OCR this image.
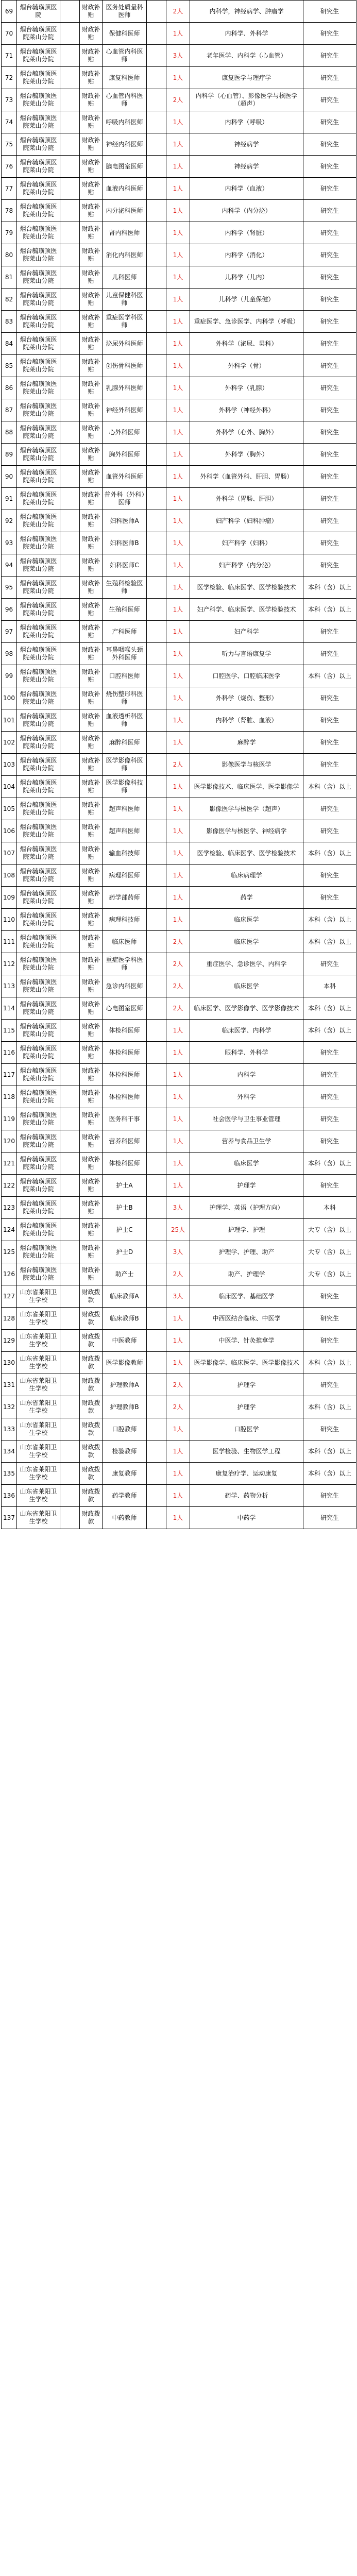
69	烟台毓璜顶医院		财政补贴	医务处质量科医师		2人	内科学，神经病学、肿瘤学	研究生
70	烟台毓璜顶医院莱山分院		财政补贴	保健科医师		1人	内科学、外科学	研究生
71	烟台毓璜顶医院莱山分院		财政补贴	心血管内科医师		3人	老年医学、内科学（心血管）	研究生
72	烟台毓璜顶医院莱山分院		财政补贴	康复科医师		1人	康复医学与理疗学	研究生
73	烟台毓璜顶医院莱山分院		财政补贴	心血管内科医师		2人	内科学（心血管）、影像医学与核医学（超声）	研究生
74	烟台毓璜顶医院莱山分院		财政补贴	呼吸内科医师		1人	内科学（呼吸）	研究生
75	烟台毓璜顶医院莱山分院		财政补贴	神经内科医师		1人	神经病学	研究生
76	烟台毓璜顶医院莱山分院		财政补贴	脑电图室医师		1人	神经病学	研究生
77	烟台毓璜顶医院莱山分院		财政补贴	血液内科医师		1人	内科学（血液）	研究生
78	烟台毓璜顶医院莱山分院		财政补贴	内分泌科医师		1人	内科学（内分泌）	研究生
79	烟台毓璜顶医院莱山分院		财政补贴	肾内科医师		1人	内科学（肾脏）	研究生
80	烟台毓璜顶医院莱山分院		财政补贴	消化内科医师		1人	内科学（消化）	研究生
81	烟台毓璜顶医院莱山分院		财政补贴	儿科医师		1人	儿科学（儿内）	研究生
82	烟台毓璜顶医院莱山分院		财政补贴	儿童保健科医师		1人	儿科学（儿童保健）	研究生
83	烟台毓璜顶医院莱山分院		财政补贴	重症医学科医师		1人	重症医学、急诊医学、内科学（呼吸）	研究生
84	烟台毓璜顶医院莱山分院		财政补贴	泌尿外科医师		1人	外科学（泌尿、男科）	研究生
85	烟台毓璜顶医院莱山分院		财政补贴	创伤骨科医师		1人	外科学（骨）	研究生
86	烟台毓璜顶医院莱山分院		财政补贴	乳腺外科医师		1人	外科学（乳腺）	研究生
87	烟台毓璜顶医院莱山分院		财政补贴	神经外科医师		1人	外科学（神经外科）	研究生
88	烟台毓璜顶医院莱山分院		财政补贴	心外科医师		1人	外科学（心外、胸外）	研究生
89	烟台毓璜顶医院莱山分院		财政补贴	胸外科医师		1人	外科学（胸外）	研究生
90	烟台毓璜顶医院莱山分院		财政补贴	血管外科医师		1人	外科学（血管外科、肝胆、胃肠）	研究生
91	烟台毓璜顶医院莱山分院		财政补贴	普外科（外科）医师		1人	外科学（胃肠、肝胆）	研究生
92	烟台毓璜顶医院莱山分院		财政补贴	妇科医师A		1人	妇产科学（妇科肿瘤）	研究生
93	烟台毓璜顶医院莱山分院		财政补贴	妇科医师B		1人	妇产科学（妇科）	研究生
94	烟台毓璜顶医院莱山分院		财政补贴	妇科医师C		1人	妇产科学（内分泌）	研究生
95	烟台毓璜顶医院莱山分院		财政补贴	生殖科检验医师		1人	医学检验、临床医学、医学检验技术	本科（含）以上
96	烟台毓璜顶医院莱山分院		财政补贴	生殖科医师		1人	妇产科学、临床医学、医学检验技术	本科（含）以上
97	烟台毓璜顶医院莱山分院		财政补贴	产科医师		1人	妇产科学	研究生
98	烟台毓璜顶医院莱山分院		财政补贴	耳鼻咽喉头颈外科医师		1人	听力与言语康复学	研究生
99	烟台毓璜顶医院莱山分院		财政补贴	口腔科医师		1人	口腔医学、口腔临床医学	本科（含）以上
100	烟台毓璜顶医院莱山分院		财政补贴	烧伤整形科医师		1人	外科学（烧伤、整形）	研究生
101	烟台毓璜顶医院莱山分院		财政补贴	血液透析科医师		1人	内科学（肾脏、血液）	研究生
102	烟台毓璜顶医院莱山分院		财政补贴	麻醉科医师		1人	麻醉学	研究生
103	烟台毓璜顶医院莱山分院		财政补贴	医学影像科医师		2人	影像医学与核医学	研究生
104	烟台毓璜顶医院莱山分院		财政补贴	医学影像科技师		1人	医学影像技术、临床医学、医学影像学	本科（含）以上
105	烟台毓璜顶医院莱山分院		财政补贴	超声科医师		1人	影像医学与核医学（超声）	研究生
106	烟台毓璜顶医院莱山分院		财政补贴	超声科医师		1人	影像医学与核医学、神经病学	研究生
107	烟台毓璜顶医院莱山分院		财政补贴	输血科技师		1人	医学检验、临床医学、医学检验技术	本科（含）以上
108	烟台毓璜顶医院莱山分院		财政补贴	病理科医师		1人	临床病理学	研究生
109	烟台毓璜顶医院莱山分院		财政补贴	药学部药师		1人	药学	研究生
110	烟台毓璜顶医院莱山分院		财政补贴	病理科技师		1人	临床医学	本科（含）以上
111	烟台毓璜顶医院莱山分院		财政补贴	临床医师		2人	临床医学	本科（含）以上
112	烟台毓璜顶医院莱山分院		财政补贴	重症医学科医师		2人	重症医学、急诊医学、内科学	研究生
113	烟台毓璜顶医院莱山分院		财政补贴	急诊内科医师		2人	临床医学	本科
114	烟台毓璜顶医院莱山分院		财政补贴	心电图室医师		2人	临床医学、医学影像学、医学影像技术	本科（含）以上
115	烟台毓璜顶医院莱山分院		财政补贴	体检科医师		1人	临床医学、内科学	本科（含）以上
116	烟台毓璜顶医院莱山分院		财政补贴	体检科医师		1人	眼科学、外科学	研究生
117	烟台毓璜顶医院莱山分院		财政补贴	体检科医师		1人	内科学	研究生
118	烟台毓璜顶医院莱山分院		财政补贴	体检科医师		1人	外科学	研究生
119	烟台毓璜顶医院莱山分院		财政补贴	医务科干事		1人	社会医学与卫生事业管理	研究生
120	烟台毓璜顶医院莱山分院		财政补贴	营养科医师		1人	营养与食品卫生学	研究生
121	烟台毓璜顶医院莱山分院		财政补贴	体检科医师		1人	临床医学	本科（含）以上
122	烟台毓璜顶医院莱山分院		财政补贴	护士A		1人	护理学	研究生
123	烟台毓璜顶医院莱山分院		财政补贴	护士B		3人	护理学、英语（护理方向）	本科
124	烟台毓璜顶医院莱山分院		财政补贴	护士C		25人	护理学、护理	大专（含）以上
125	烟台毓璜顶医院莱山分院		财政补贴	护士D		3人	护理学、护理、助产	大专（含）以上
126	烟台毓璜顶医院莱山分院		财政补贴	助产士		2人	助产、护理学	大专（含）以上
127	山东省莱阳卫生学校		财政拨款	临床教师A		3人	临床医学、基础医学	研究生
128	山东省莱阳卫生学校		财政拨款	临床教师B		1人	中西医结合临床、中医学	研究生
129	山东省莱阳卫生学校		财政拨款	中医教师		1人	中医学、针灸推拿学	研究生
130	山东省莱阳卫生学校		财政拨款	医学影像教师		1人	医学影像学、临床医学、医学影像技术	本科（含）以上
131	山东省莱阳卫生学校		财政拨款	护理教师A		2人	护理学	研究生
132	山东省莱阳卫生学校		财政拨款	护理教师B		2人	护理学	本科（含）以上
133	山东省莱阳卫生学校		财政拨款	口腔教师		1人	口腔医学	研究生
134	山东省莱阳卫生学校		财政拨款	检验教师		1人	医学检验、生物医学工程	本科（含）以上
135	山东省莱阳卫生学校		财政拨款	康复教师		1人	康复治疗学、运动康复	本科（含）以上
136	山东省莱阳卫生学校		财政拨款	药学教师		1人	药学、药物分析	研究生
137	山东省莱阳卫生学校		财政拨款	中药教师		1人	中药学	研究生
